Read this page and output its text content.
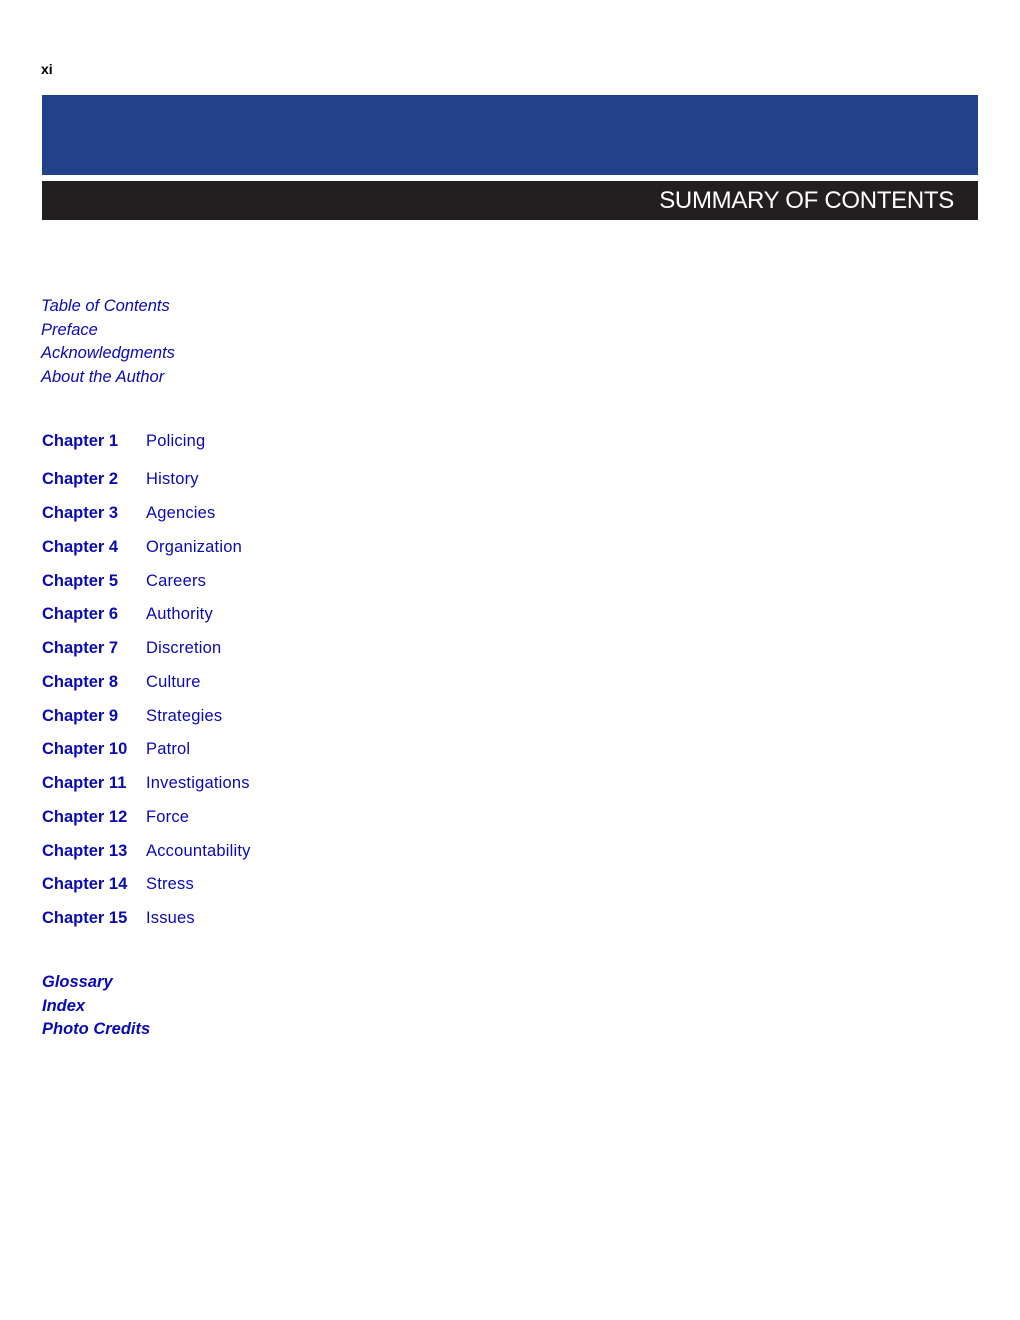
xi
SUMMARY OF CONTENTS
Table of Contents
Preface
Acknowledgments
About the Author
Chapter 1 Policing
Chapter 2 History
Chapter 3 Agencies
Chapter 4 Organization
Chapter 5 Careers
Chapter 6 Authority
Chapter 7 Discretion
Chapter 8 Culture
Chapter 9 Strategies
Chapter 10 Patrol
Chapter 11 Investigations
Chapter 12 Force
Chapter 13 Accountability
Chapter 14 Stress
Chapter 15 Issues
Glossary
Index
Photo Credits
